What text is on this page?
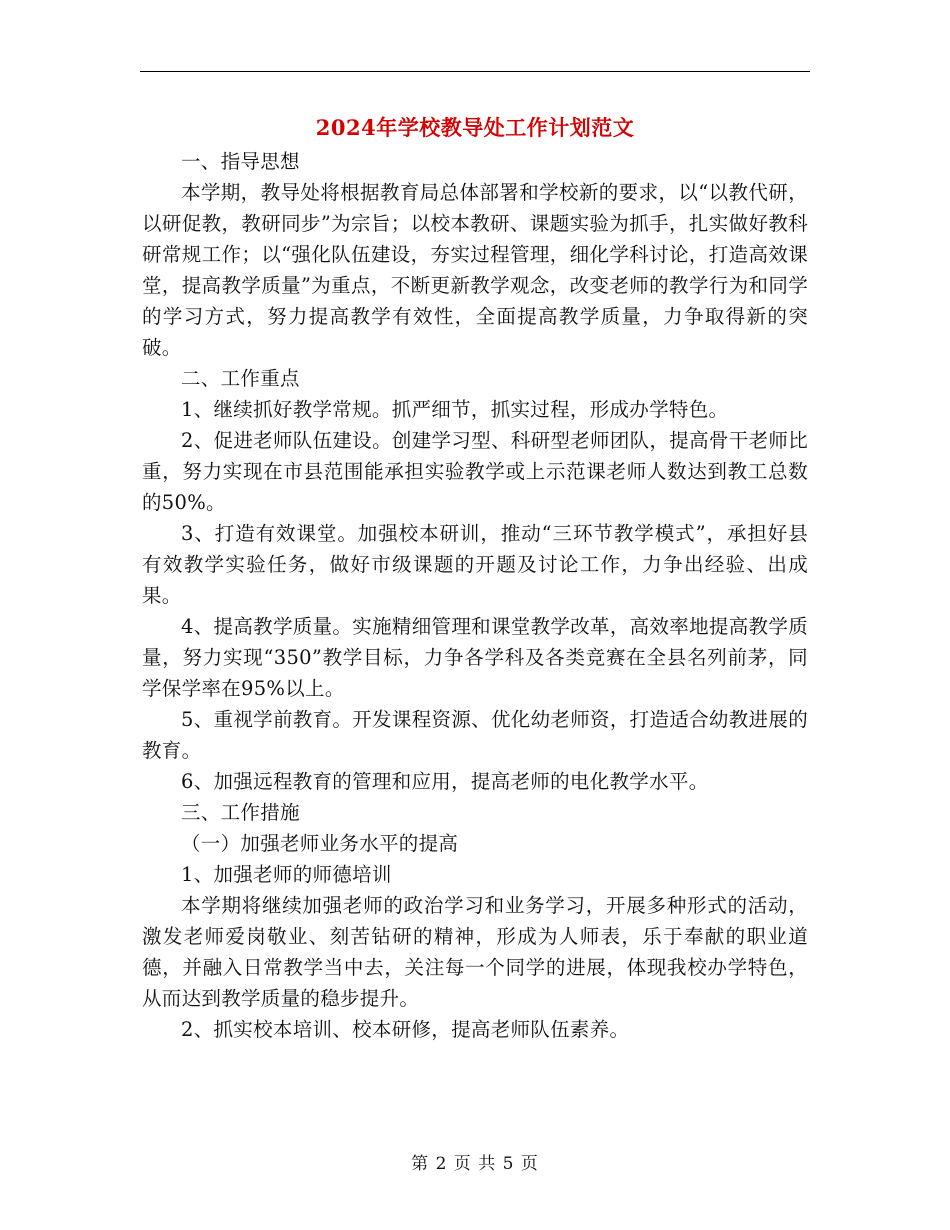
2024年学校教导处工作计划范文

一、指导思想

本学期，教导处将根据教育局总体部署和学校新的要求，以“以教代研，以研促教，教研同步”为宗旨；以校本教研、课题实验为抓手，扎实做好教科研常规工作；以“强化队伍建设，夯实过程管理，细化学科讨论，打造高效课堂，提高教学质量”为重点，不断更新教学观念，改变老师的教学行为和同学的学习方式，努力提高教学有效性，全面提高教学质量，力争取得新的突破。

二、工作重点

1、继续抓好教学常规。抓严细节，抓实过程，形成办学特色。

2、促进老师队伍建设。创建学习型、科研型老师团队，提高骨干老师比重，努力实现在市县范围能承担实验教学或上示范课老师人数达到教工总数的50%。

3、打造有效课堂。加强校本研训，推动“三环节教学模式”，承担好县有效教学实验任务，做好市级课题的开题及讨论工作，力争出经验、出成果。

4、提高教学质量。实施精细管理和课堂教学改革，高效率地提高教学质量，努力实现“350”教学目标，力争各学科及各类竞赛在全县名列前茅，同学保学率在95%以上。

5、重视学前教育。开发课程资源、优化幼老师资，打造适合幼教进展的教育。

6、加强远程教育的管理和应用，提高老师的电化教学水平。

三、工作措施

（一）加强老师业务水平的提高

1、加强老师的师德培训

本学期将继续加强老师的政治学习和业务学习，开展多种形式的活动，激发老师爱岗敬业、刻苦钻研的精神，形成为人师表，乐于奉献的职业道德，并融入日常教学当中去，关注每一个同学的进展，体现我校办学特色，从而达到教学质量的稳步提升。

2、抓实校本培训、校本研修，提高老师队伍素养。

第 2 页 共 5 页
